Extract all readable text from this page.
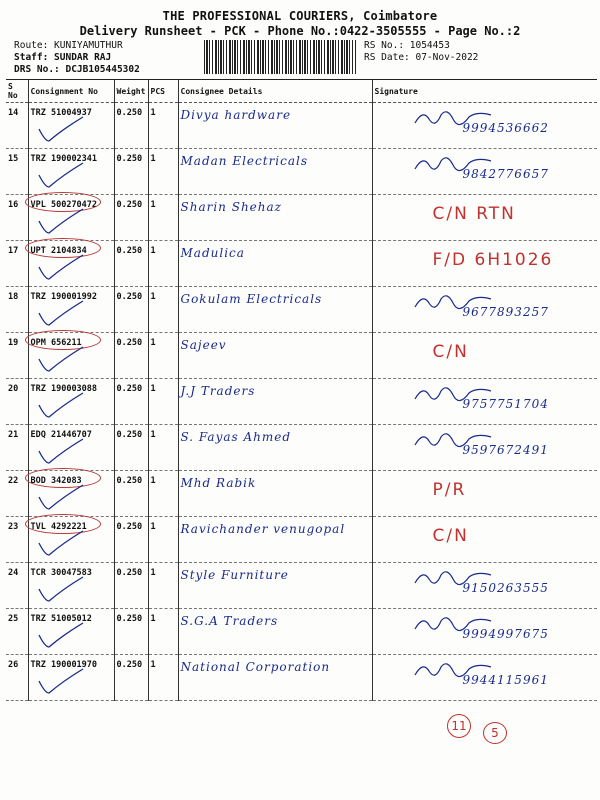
THE PROFESSIONAL COURIERS, Coimbatore
Delivery Runsheet - PCK - Phone No.:0422-3505555 - Page No.:2
Route: KUNIYAMUTHUR
Staff: SUNDAR RAJ
DRS No.: DCJB105445302
RS No.: 1054453
RS Date: 07-Nov-2022
S No	Consignment No	Weight	PCS	Consignee Details	Signature
14	TRZ 51004937	0.250	1	Divya hardware	9994536662

15	TRZ 190002341	0.250	1	Madan Electricals	9842776657

16	VPL 500270472	0.250	1	Sharin Shehaz	C/N RTN

17	UPT 2104834	0.250	1	Madulica	F/D 6H1026

18	TRZ 190001992	0.250	1	Gokulam Electricals	9677893257

19	OPM 656211	0.250	1	Sajeev	C/N

20	TRZ 190003088	0.250	1	J.J Traders	9757751704

21	EDQ 21446707	0.250	1	S. Fayas Ahmed	9597672491

22	BOD 342083	0.250	1	Mhd Rabik	P/R

23	TVL 4292221	0.250	1	Ravichander venugopal	C/N

24	TCR 30047583	0.250	1	Style Furniture	9150263555

25	TRZ 51005012	0.250	1	S.G.A Traders	9994997675

26	TRZ 190001970	0.250	1	National Corporation	9944115961
11	5
